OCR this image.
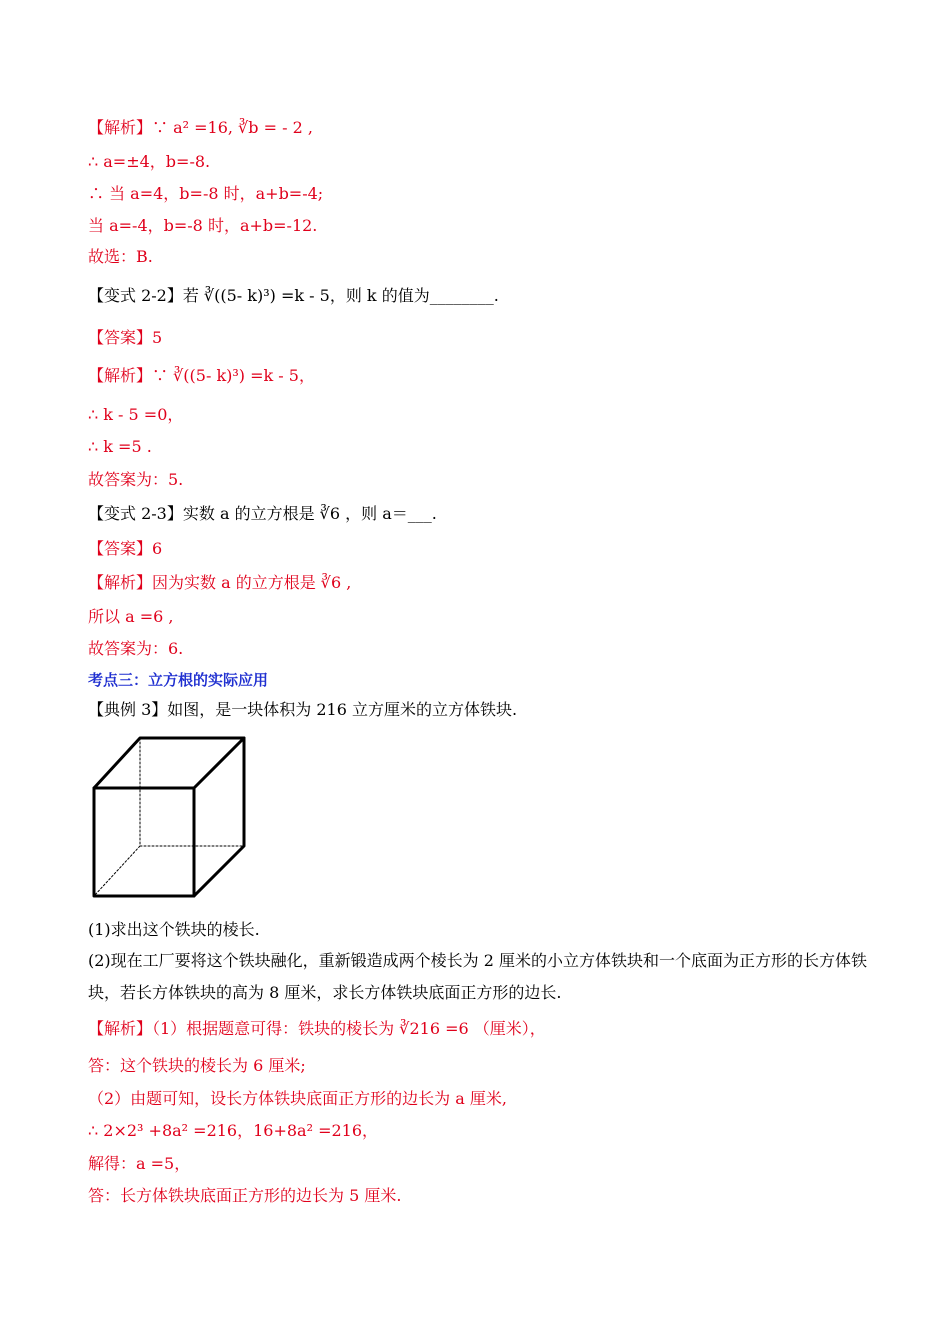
【解析】∵ a² =16, ∛b = - 2 ,
∴ a=±4，b=-8.
∴ 当 a=4，b=-8 时，a+b=-4;
当 a=-4，b=-8 时，a+b=-12.
故选：B.
【变式 2-2】若 ∛((5- k)³) =k - 5，则 k 的值为________.
【答案】5
【解析】∵ ∛((5- k)³) =k - 5，
∴ k - 5 =0，
∴ k =5 .
故答案为：5.
【变式 2-3】实数 a 的立方根是 ∛6 ，则 a＝___.
【答案】6
【解析】因为实数 a 的立方根是 ∛6 ,
所以 a =6 ,
故答案为：6.
考点三：立方根的实际应用
【典例 3】如图，是一块体积为 216 立方厘米的立方体铁块.
(1)求出这个铁块的棱长.
(2)现在工厂要将这个铁块融化，重新锻造成两个棱长为 2 厘米的小立方体铁块和一个底面为正方形的长方体铁块，若长方体铁块的高为 8 厘米，求长方体铁块底面正方形的边长.
【解析】（1）根据题意可得：铁块的棱长为 ∛216 =6 （厘米），
答：这个铁块的棱长为 6 厘米;
（2）由题可知，设长方体铁块底面正方形的边长为 a 厘米,
∴ 2×2³ +8a² =216，16+8a² =216，
解得：a =5，
答：长方体铁块底面正方形的边长为 5 厘米.
